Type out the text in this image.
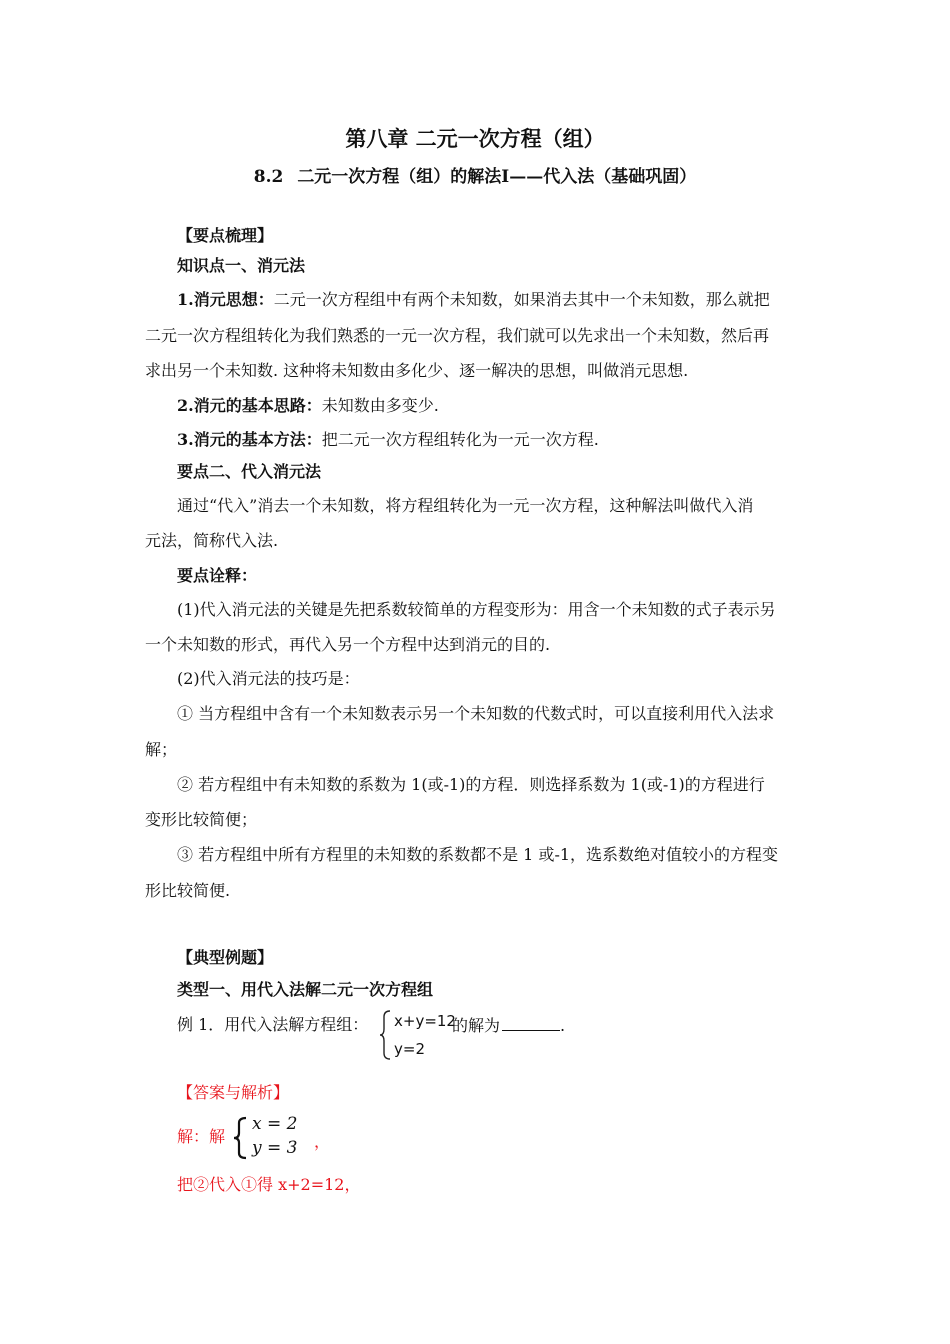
第八章 二元一次方程（组）
8.2 二元一次方程（组）的解法Ⅰ——代入法（基础巩固）
【要点梳理】
知识点一、消元法
1.消元思想：二元一次方程组中有两个未知数，如果消去其中一个未知数，那么就把
二元一次方程组转化为我们熟悉的一元一次方程，我们就可以先求出一个未知数，然后再
求出另一个未知数. 这种将未知数由多化少、逐一解决的思想，叫做消元思想.
2.消元的基本思路：未知数由多变少.
3.消元的基本方法：把二元一次方程组转化为一元一次方程.
要点二、代入消元法
通过“代入”消去一个未知数，将方程组转化为一元一次方程，这种解法叫做代入消
元法，简称代入法.
要点诠释：
(1)代入消元法的关键是先把系数较简单的方程变形为：用含一个未知数的式子表示另
一个未知数的形式，再代入另一个方程中达到消元的目的.
(2)代入消元法的技巧是：
① 当方程组中含有一个未知数表示另一个未知数的代数式时，可以直接利用代入法求
解；
② 若方程组中有未知数的系数为 1(或-1)的方程．则选择系数为 1(或-1)的方程进行
变形比较简便；
③ 若方程组中所有方程里的未知数的系数都不是 1 或-1，选系数绝对值较小的方程变
形比较简便.
【典型例题】
类型一、用代入法解二元一次方程组
例 1．用代入法解方程组： x+y=12
y=2
的解为	.
【答案与解析】
解：解
x = 2
y = 3 ，
把②代入①得 x+2=12，
